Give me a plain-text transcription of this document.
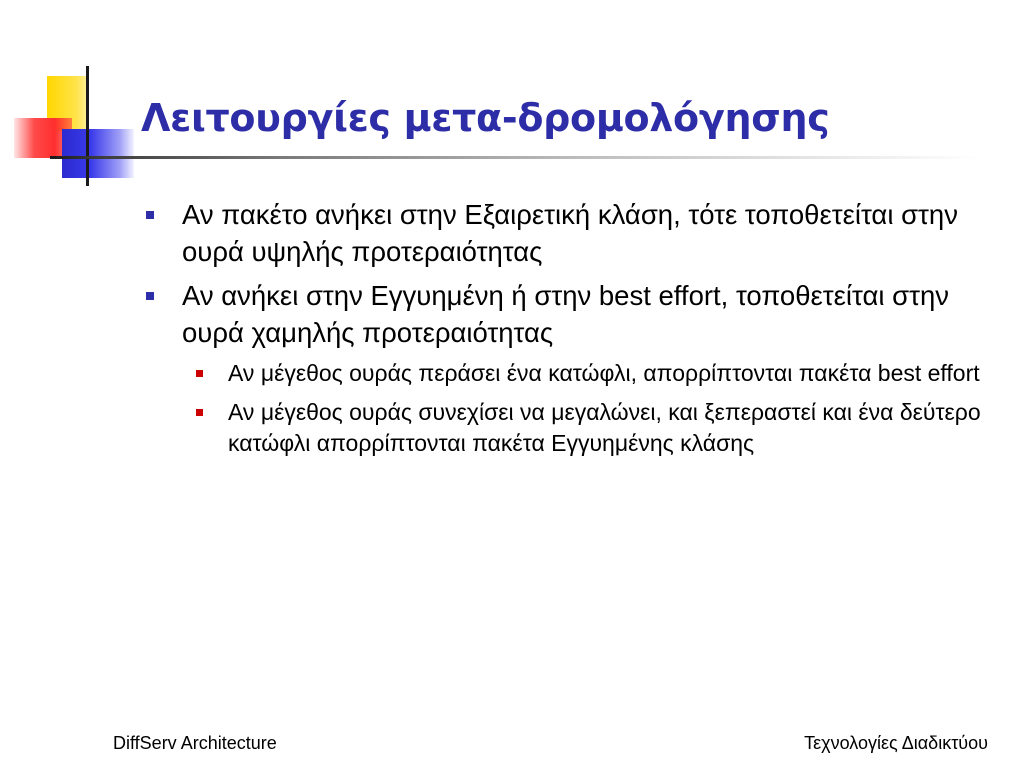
Λειτουργίες μετα-δρομολόγησης
Αν πακέτο ανήκει στην Εξαιρετική κλάση, τότε τοποθετείται στην ουρά υψηλής προτεραιότητας
Αν ανήκει στην Εγγυημένη ή στην best effort, τοποθετείται στην ουρά χαμηλής προτεραιότητας
Αν μέγεθος ουράς περάσει ένα κατώφλι, απορρίπτονται πακέτα best effort
Αν μέγεθος ουράς συνεχίσει να μεγαλώνει, και ξεπεραστεί και ένα δεύτερο κατώφλι απορρίπτονται πακέτα Εγγυημένης κλάσης
DiffServ Architecture	Τεχνολογίες Διαδικτύου
